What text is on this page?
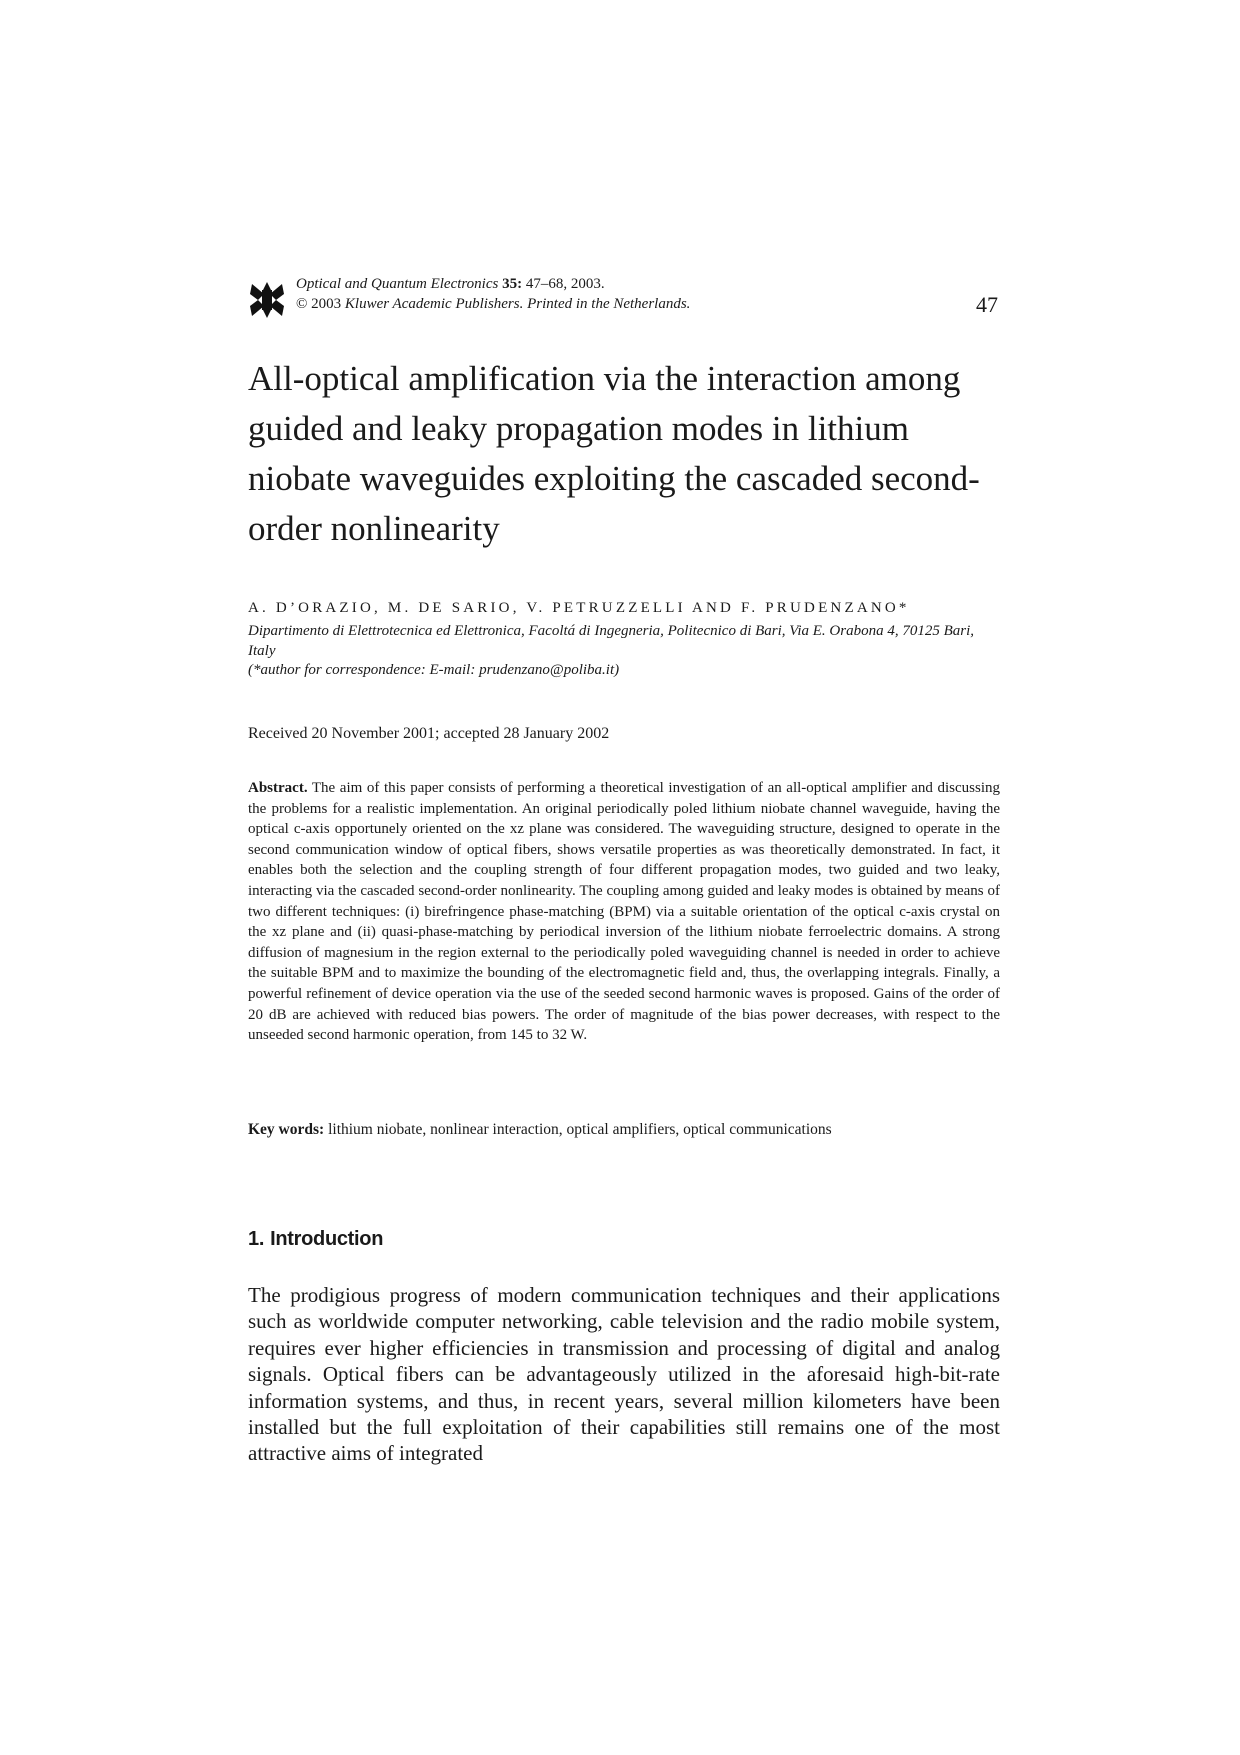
Optical and Quantum Electronics 35: 47–68, 2003.
© 2003 Kluwer Academic Publishers. Printed in the Netherlands.	47
All-optical amplification via the interaction among guided and leaky propagation modes in lithium niobate waveguides exploiting the cascaded second-order nonlinearity
A. D’ORAZIO, M. DE SARIO, V. PETRUZZELLI AND F. PRUDENZANO*
Dipartimento di Elettrotecnica ed Elettronica, Facoltá di Ingegneria, Politecnico di Bari, Via E. Orabona 4, 70125 Bari, Italy
(*author for correspondence: E-mail: prudenzano@poliba.it)
Received 20 November 2001; accepted 28 January 2002
Abstract. The aim of this paper consists of performing a theoretical investigation of an all-optical amplifier and discussing the problems for a realistic implementation. An original periodically poled lithium niobate channel waveguide, having the optical c-axis opportunely oriented on the xz plane was considered. The waveguiding structure, designed to operate in the second communication window of optical fibers, shows versatile properties as was theoretically demonstrated. In fact, it enables both the selection and the coupling strength of four different propagation modes, two guided and two leaky, interacting via the cascaded second-order nonlinearity. The coupling among guided and leaky modes is obtained by means of two different techniques: (i) birefringence phase-matching (BPM) via a suitable orientation of the optical c-axis crystal on the xz plane and (ii) quasi-phase-matching by periodical inversion of the lithium niobate ferroelectric domains. A strong diffusion of magnesium in the region external to the periodically poled waveguiding channel is needed in order to achieve the suitable BPM and to maximize the bounding of the electromagnetic field and, thus, the overlapping integrals. Finally, a powerful refinement of device operation via the use of the seeded second harmonic waves is proposed. Gains of the order of 20 dB are achieved with reduced bias powers. The order of magnitude of the bias power decreases, with respect to the unseeded second harmonic operation, from 145 to 32 W.
Key words: lithium niobate, nonlinear interaction, optical amplifiers, optical communications
1. Introduction
The prodigious progress of modern communication techniques and their applications such as worldwide computer networking, cable television and the radio mobile system, requires ever higher efficiencies in transmission and processing of digital and analog signals. Optical fibers can be advantageously utilized in the aforesaid high-bit-rate information systems, and thus, in recent years, several million kilometers have been installed but the full exploitation of their capabilities still remains one of the most attractive aims of integrated
